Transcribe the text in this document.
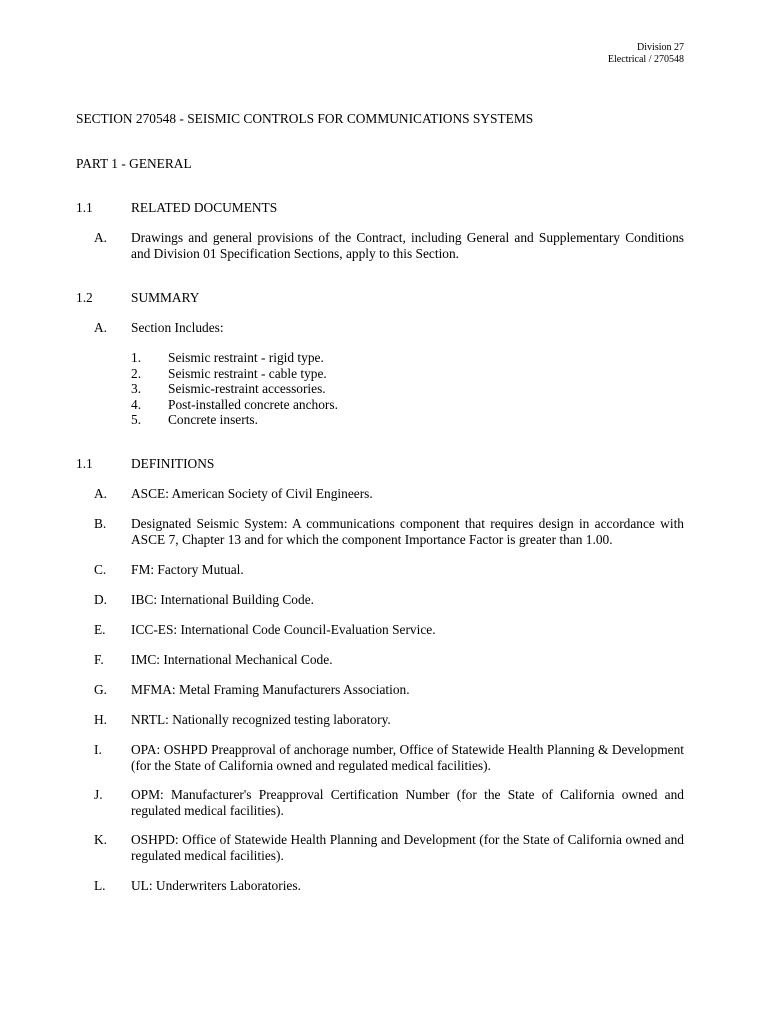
Division 27
Electrical / 270548
SECTION 270548 - SEISMIC CONTROLS FOR COMMUNICATIONS SYSTEMS
PART 1 - GENERAL
1.1	RELATED DOCUMENTS
A. Drawings and general provisions of the Contract, including General and Supplementary Conditions and Division 01 Specification Sections, apply to this Section.
1.2	SUMMARY
A. Section Includes:
1. Seismic restraint - rigid type.
2. Seismic restraint - cable type.
3. Seismic-restraint accessories.
4. Post-installed concrete anchors.
5. Concrete inserts.
1.1	DEFINITIONS
A. ASCE: American Society of Civil Engineers.
B. Designated Seismic System: A communications component that requires design in accordance with ASCE 7, Chapter 13 and for which the component Importance Factor is greater than 1.00.
C. FM: Factory Mutual.
D. IBC: International Building Code.
E. ICC-ES: International Code Council-Evaluation Service.
F. IMC: International Mechanical Code.
G. MFMA: Metal Framing Manufacturers Association.
H. NRTL: Nationally recognized testing laboratory.
I. OPA: OSHPD Preapproval of anchorage number, Office of Statewide Health Planning & Development (for the State of California owned and regulated medical facilities).
J. OPM: Manufacturer's Preapproval Certification Number (for the State of California owned and regulated medical facilities).
K. OSHPD: Office of Statewide Health Planning and Development (for the State of California owned and regulated medical facilities).
L. UL: Underwriters Laboratories.
